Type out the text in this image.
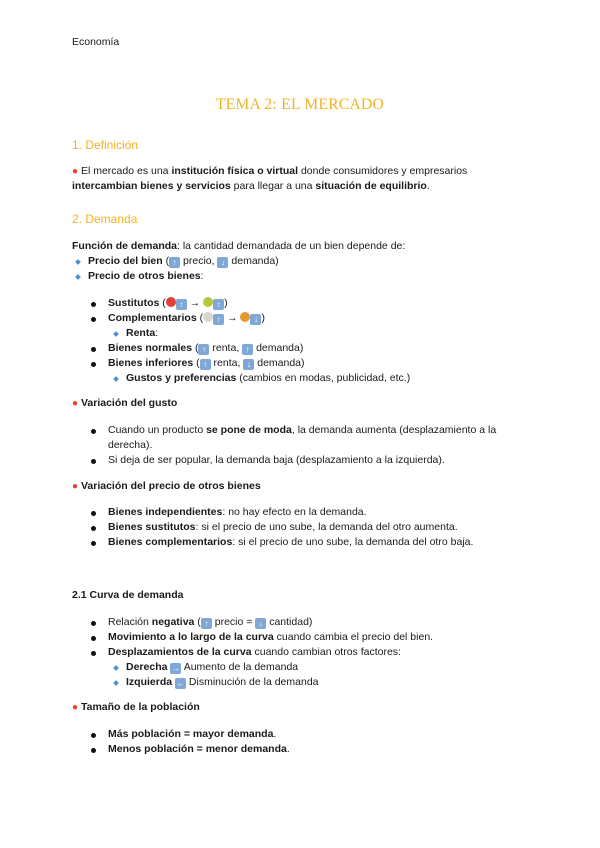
Economía
TEMA 2: EL MERCADO
1. Definición
● El mercado es una institución física o virtual donde consumidores y empresarios intercambian bienes y servicios para llegar a una situación de equilibrio.
2. Demanda
Función de demanda: la cantidad demandada de un bien depende de:
Precio del bien ( ↑ precio, ↓ demanda)
Precio de otros bienes:
Sustitutos ( ↑ → ↑ )
Complementarios ( ↑ → ↓ )
Renta:
Bienes normales ( ↑ renta, ↑ demanda)
Bienes inferiores ( ↑ renta, ↓ demanda)
Gustos y preferencias (cambios en modas, publicidad, etc.)
● Variación del gusto
Cuando un producto se pone de moda, la demanda aumenta (desplazamiento a la derecha).
Si deja de ser popular, la demanda baja (desplazamiento a la izquierda).
● Variación del precio de otros bienes
Bienes independientes: no hay efecto en la demanda.
Bienes sustitutos: si el precio de uno sube, la demanda del otro aumenta.
Bienes complementarios: si el precio de uno sube, la demanda del otro baja.
2.1 Curva de demanda
Relación negativa ( ↑ precio = ↓ cantidad)
Movimiento a lo largo de la curva cuando cambia el precio del bien.
Desplazamientos de la curva cuando cambian otros factores:
Derecha → Aumento de la demanda
Izquierda ← Disminución de la demanda
● Tamaño de la población
Más población = mayor demanda.
Menos población = menor demanda.
